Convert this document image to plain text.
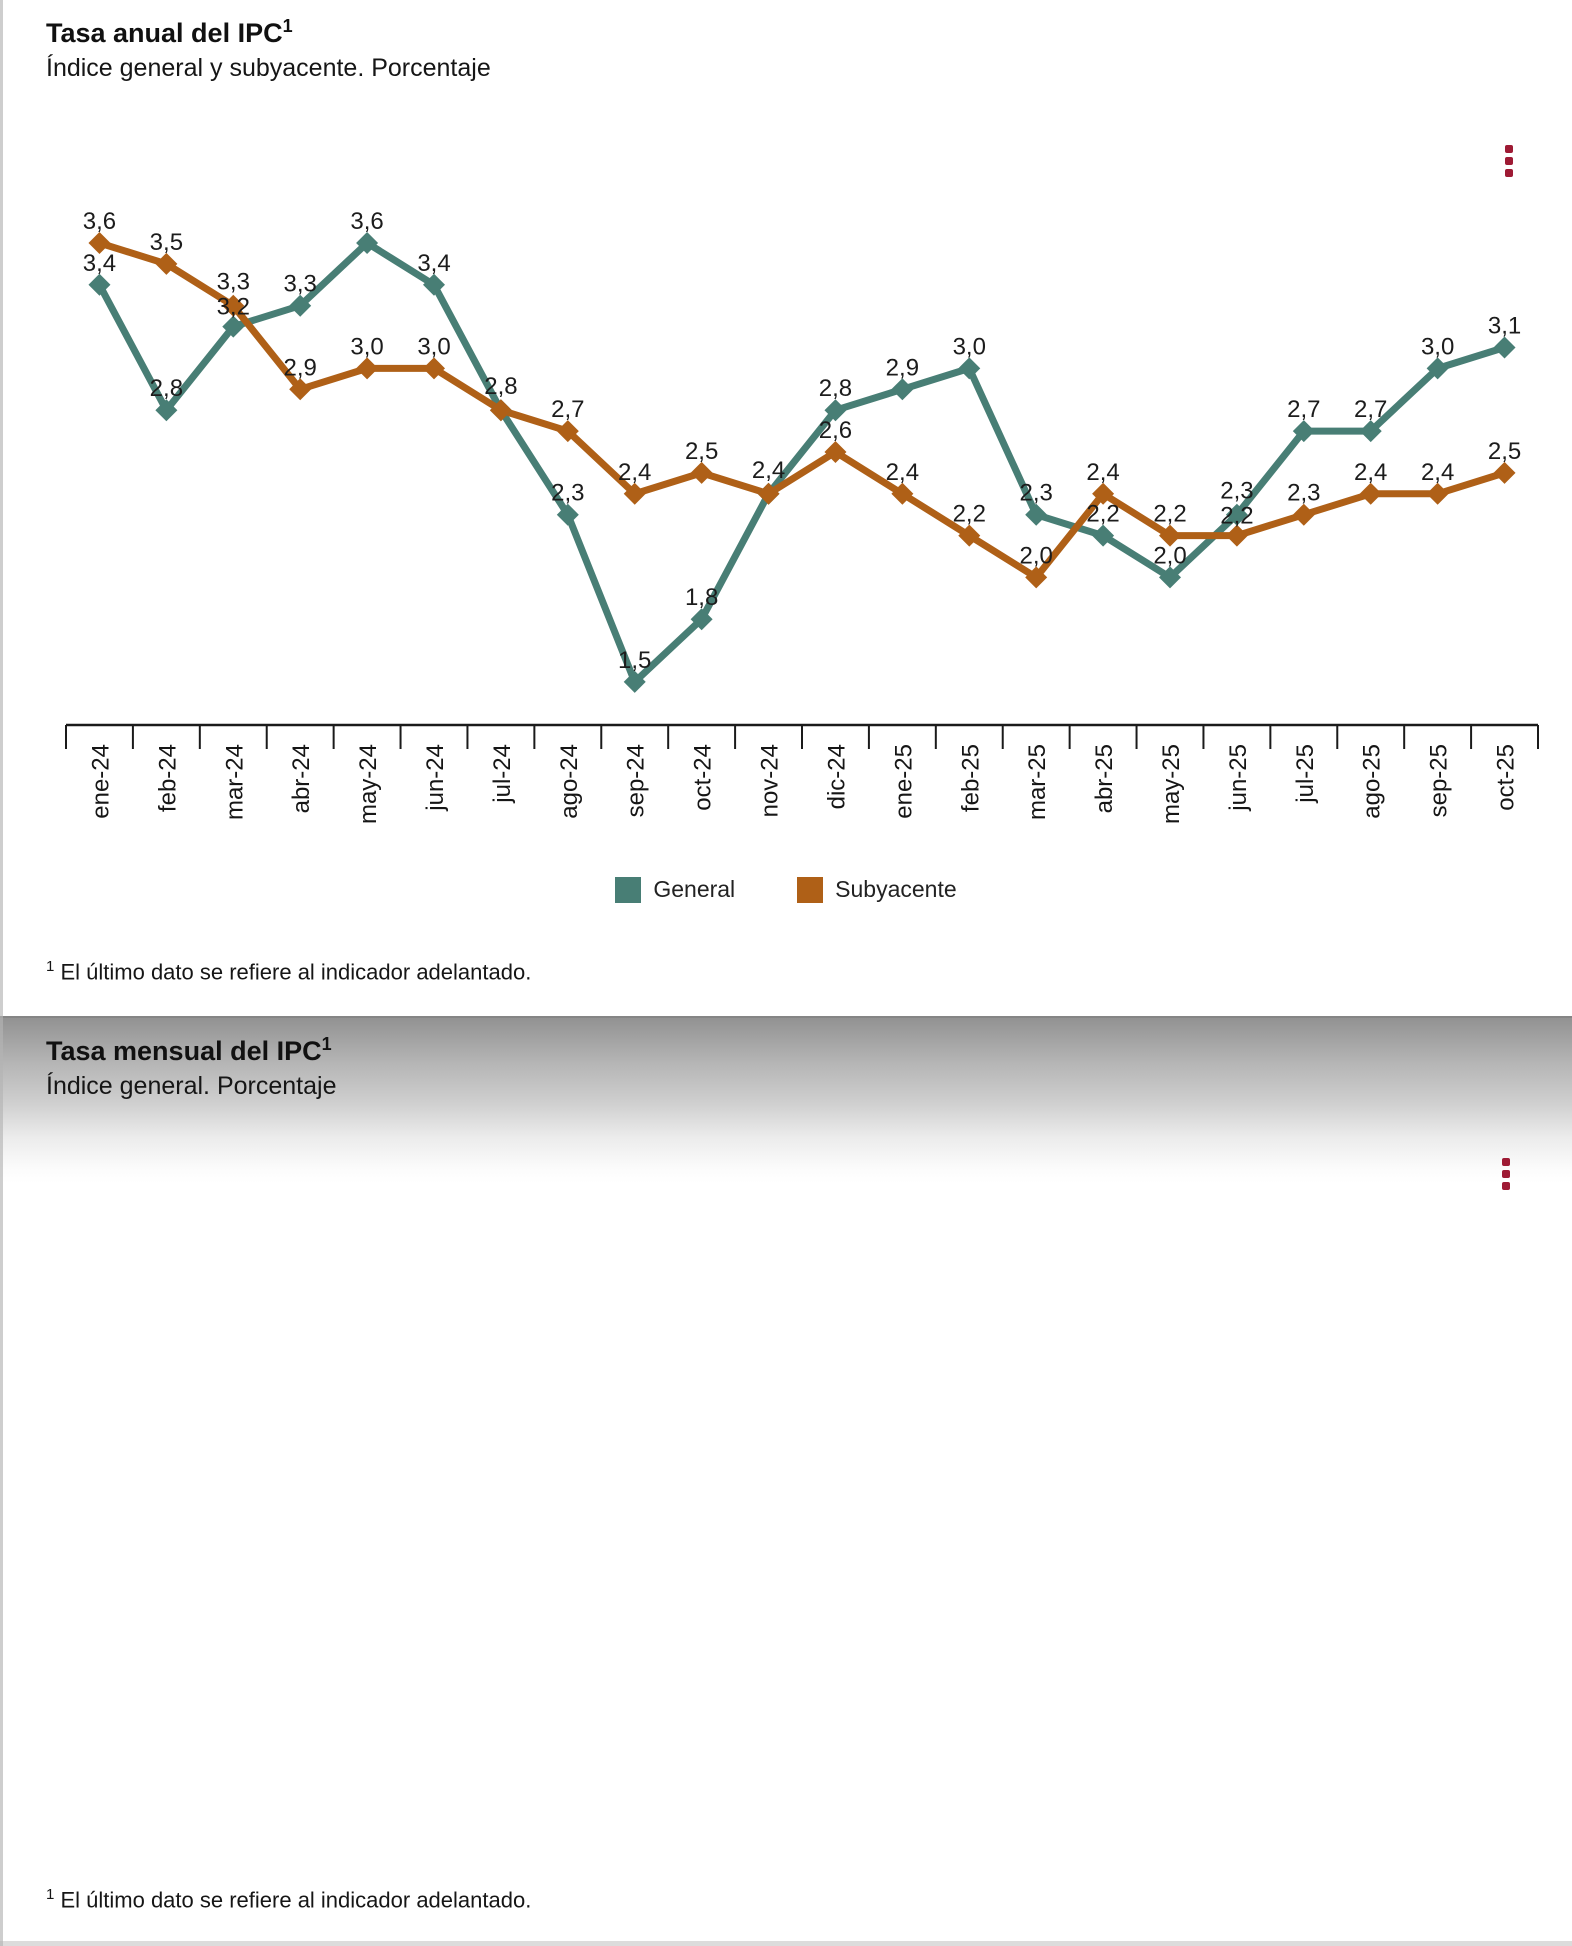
Tasa anual del IPC$^1$
Índice general y subyacente. Porcentaje
General	Subyacente
$^1$ El último dato se refiere al indicador adelantado.
Tasa mensual del IPC$^1$
Índice general. Porcentaje
$^1$ El último dato se refiere al indicador adelantado.
3,4
3,6
2,8
3,5
3,2
3,3 3,3
2,9
3,6
3,0
3,4
3,0
2,8
2,3
2,7
1,5
2,4
1,8
2,5
2,4
2,8
2,6
2,9
2,4
3,0
2,2
2,3
2,0
2,2
2,4
2,0
2,2
2,3
2,2
2,7
2,3
2,7
2,4
3,0
2,4
3,1
2,5
ene-24 feb-24 mar-24 abr-24 may-24 jun-24 jul-24 ago-24 sep-24 oct-24 nov-24 dic-24 ene-25 feb-25 mar-25 abr-25 may-25 jun-25 jul-25 ago-25 sep-25 oct-25
